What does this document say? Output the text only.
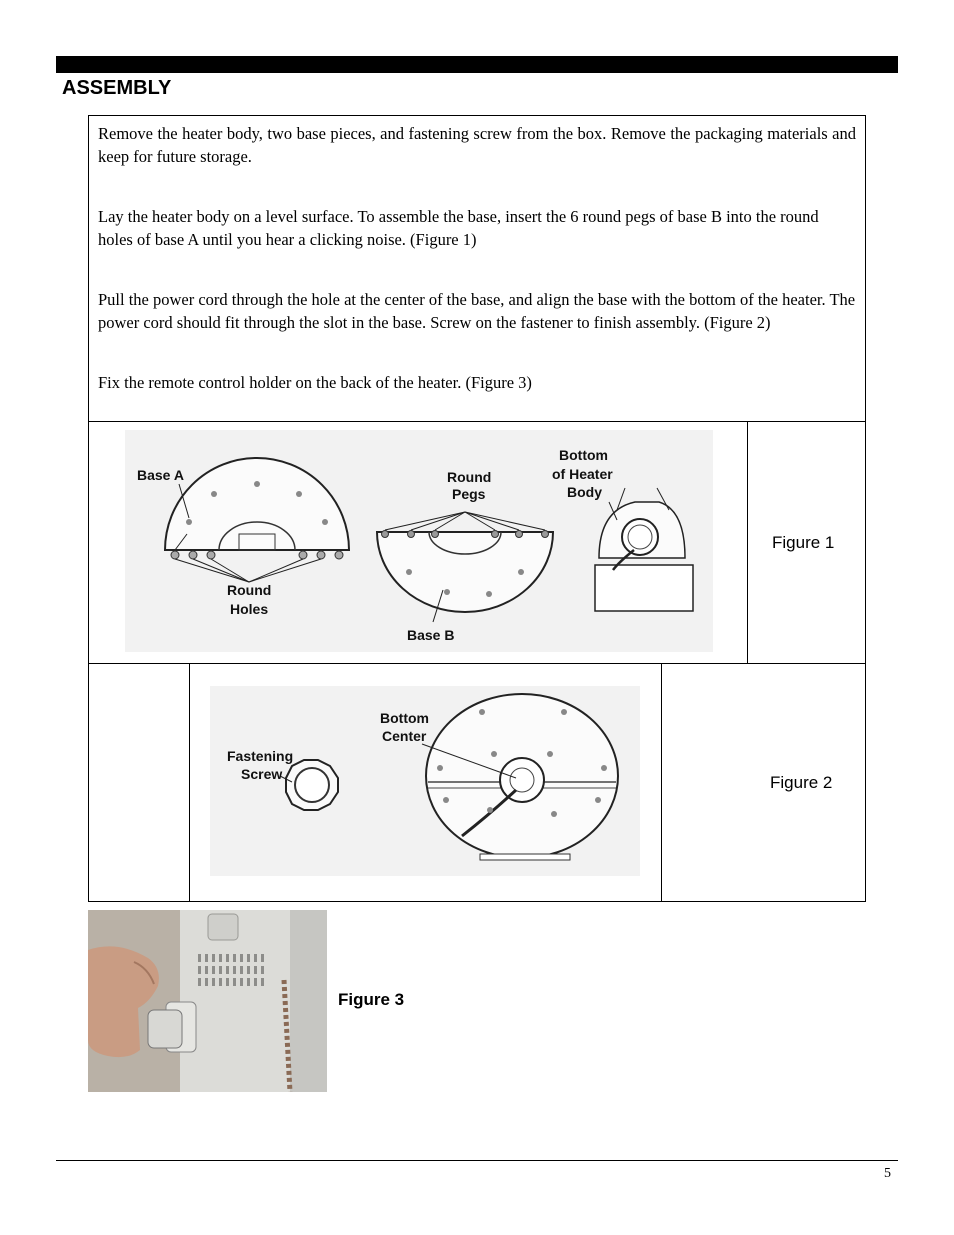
ASSEMBLY

Remove the heater body, two base pieces, and fastening screw from the box. Remove the packaging materials and keep for future storage.

Lay the heater body on a level surface. To assemble the base, insert the 6 round pegs of base B into the round holes of base A until you hear a clicking noise. (Figure 1)

Pull the power cord through the hole at the center of the base, and align the base with the bottom of the heater. The power cord should fit through the slot in the base. Screw on the fastener to finish assembly. (Figure 2)

Fix the remote control holder on the back of the heater. (Figure 3)

Base A	Round
Pegs
Bottom
of Heater
Body
Round
Holes
Base B
Figure 1
Fastening
Screw
Bottom
Center
Figure 2
Figure 3
5
